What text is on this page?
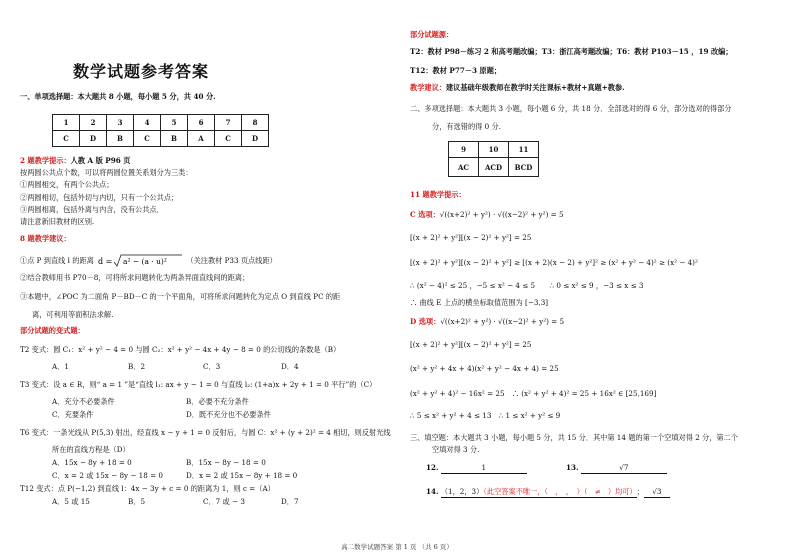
数学试题参考答案
一、单项选择题：本大题共 8 小题，每小题 5 分，共 40 分.
1	2	3	4	5	6	7	8
C	D	B	C	B	A	C	D
2 题教学提示：人教 A 版 P96 页
按两圆公共点个数，可以将两圆位置关系划分为三类：
①两圆相交，有两个公共点；
②两圆相切，包括外切与内切，只有一个公共点；
③两圆相离，包括外离与内含，没有公共点．
请注意新旧教材的区别.
8 题教学建议：
①点 P 到直线 l 的距离 d = a² − (a · u)²	（关注教材 P33 页点线距）
②结合教师用书 P70－8，可将所求问题转化为两条异面直线间的距离；
③本题中，∠POC 为二面角 P－BD－C 的一个平面角，可将所求问题转化为定点 O 到直线 PC 的距
离，可利用等面积法求解.
部分试题的变式题：
T2 变式：圆 C₁：x² + y² − 4 = 0 与圆 C₂：x² + y² − 4x + 4y − 8 = 0 的公切线的条数是（B）
A．1	B．2	C．3	D．4
T3 变式：设 a ∈ R，则“ a = 1 ”是“直线 l₁: ax + y − 1 = 0 与直线 l₂: (1+a)x + 2y + 1 = 0 平行”的（C）
A．充分不必要条件	B．必要不充分条件
C．充要条件	D．既不充分也不必要条件
T6 变式：一条光线从 P(5,3) 射出，经直线 x − y + 1 = 0 反射后，与圆 C：x² + (y + 2)² = 4 相切，则反射光线
所在的直线方程是（D）
A．15x − 8y + 18 = 0	B．15x − 8y − 18 = 0
C．x = 2 或 15x − 8y − 18 = 0	D．x = 2 或 15x − 8y + 18 = 0
T12 变式：点 P(−1,2) 到直线 l：4x − 3y + c = 0 的距离为 1，则 c =（A）
A．5 或 15	B．5	C．7 或 − 3	D．7
部分试题源：
T2：教材 P98－练习 2 和高考题改编；T3：浙江高考题改编；T6：教材 P103－15 ，19 改编；
T12：教材 P77－3 原题；
教学建议：建议基础年级教师在教学时关注课标+教材+真题+教参.
二、多项选择题：本大题共 3 小题，每小题 6 分，共 18 分．全部选对的得 6 分，部分选对的得部分
分，有选错的得 0 分.
9	10	11
AC	ACD	BCD
11 题教学提示：
C 选项：√((x+2)² + y²) · √((x−2)² + y²) = 5
[(x + 2)² + y²][(x − 2)² + y²] = 25
[(x + 2)² + y²][(x − 2)² + y²] ≥ [(x + 2)(x − 2) + y²]² ≥ (x² + y² − 4)² ≥ (x² − 4)²
∴ (x² − 4)² ≤ 25 ，−5 ≤ x² − 4 ≤ 5　　∴ 0 ≤ x² ≤ 9 ，−3 ≤ x ≤ 3
∴ 曲线 E 上点的横坐标取值范围为 [−3,3]
D 选项：√((x+2)² + y²) · √((x−2)² + y²) = 5
[(x + 2)² + y²][(x − 2)² + y²] = 25
(x² + y² + 4x + 4)(x² + y² − 4x + 4) = 25
(x² + y² + 4)² − 16x² = 25　∴ (x² + y² + 4)² = 25 + 16x² ∈ [25,169]
∴ 5 ≤ x² + y² + 4 ≤ 13　∴ 1 ≤ x² + y² ≤ 9
三、填空题：本大题共 3 小题，每小题 5 分，共 15 分．其中第 14 题的第一个空填对得 2 分，第二个
空填对得 3 分.
12.	1	13.	√7
14. （1，2，3）（此空答案不唯一，（　，　，　）（　≠　）均可）； √3
高二数学试题答案 第 1 页 （共 6 页）
